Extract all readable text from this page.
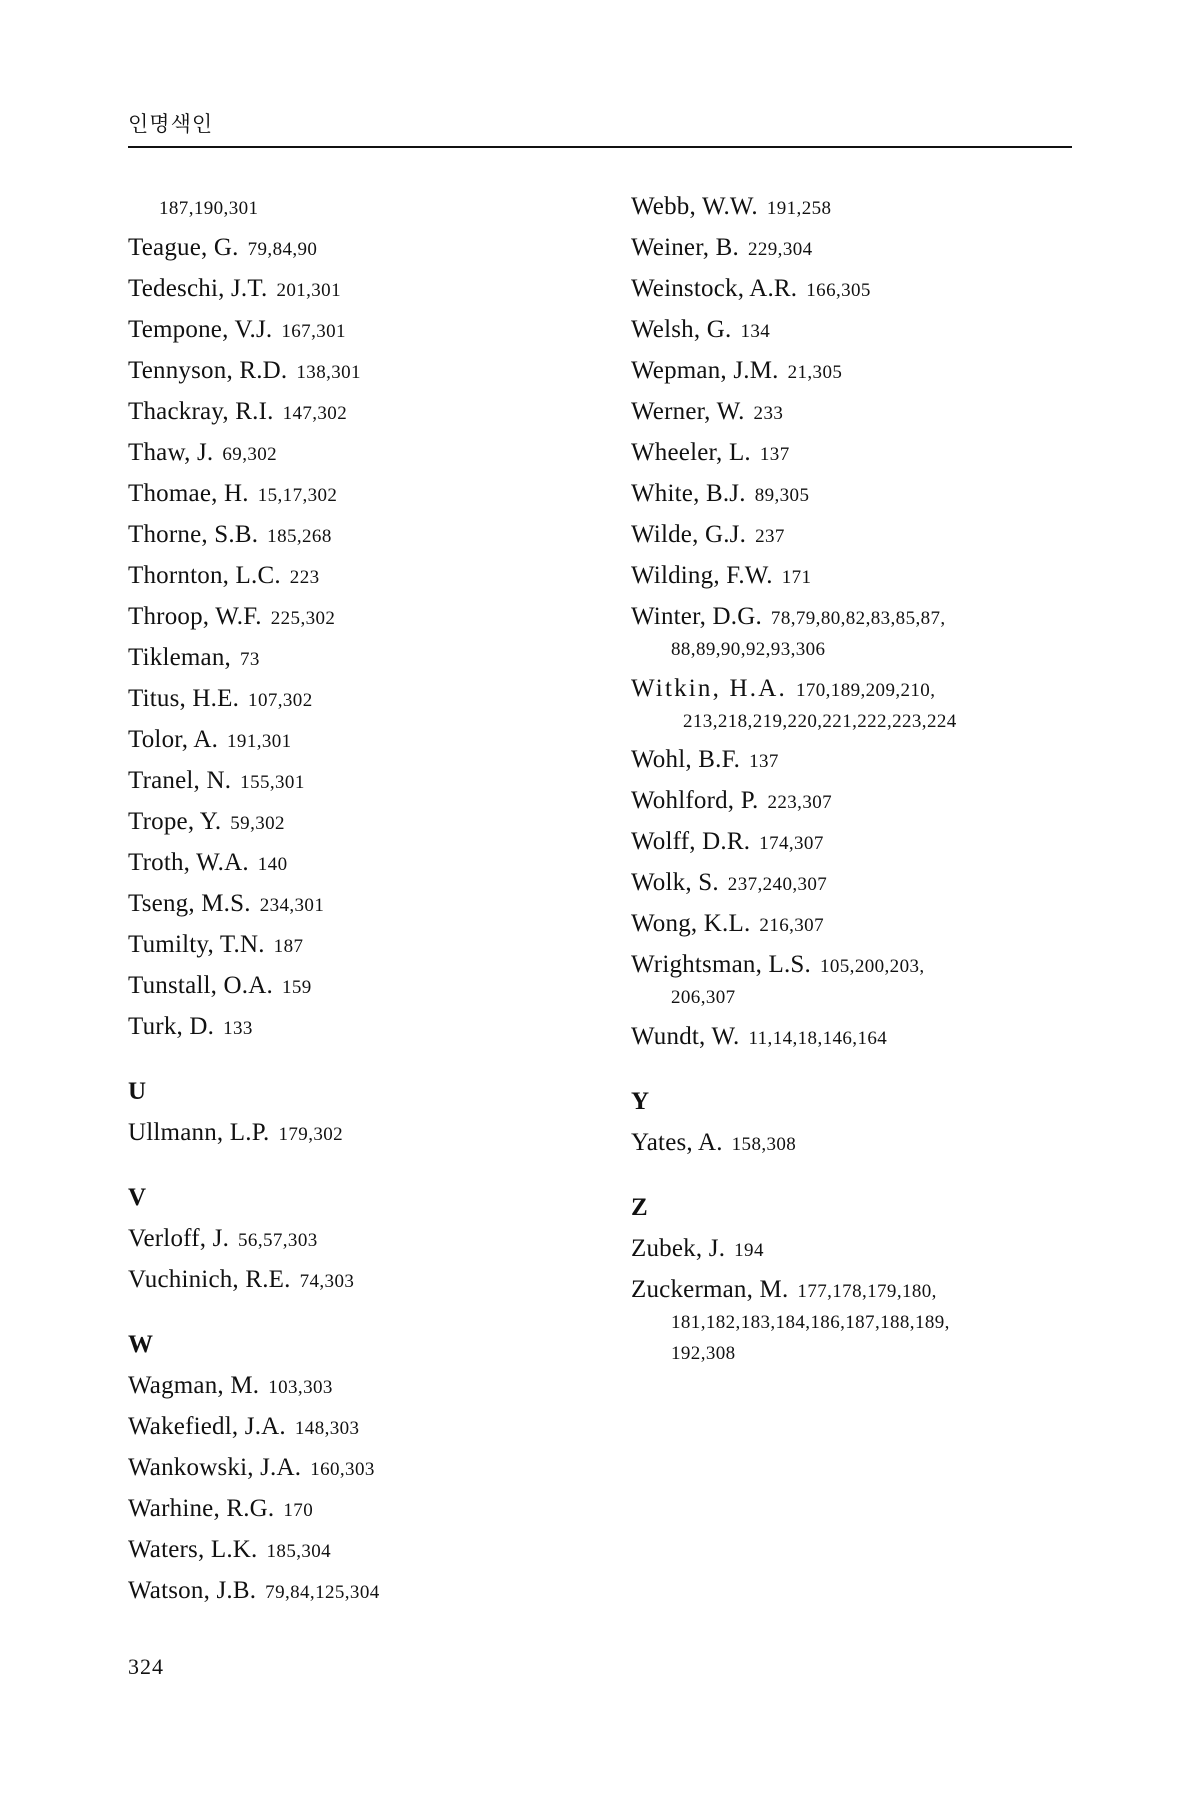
인명색인
187,190,301
Teague, G. 79,84,90
Tedeschi, J.T. 201,301
Tempone, V.J. 167,301
Tennyson, R.D. 138,301
Thackray, R.I. 147,302
Thaw, J. 69,302
Thomae, H. 15,17,302
Thorne, S.B. 185,268
Thornton, L.C. 223
Throop, W.F. 225,302
Tikleman, 73
Titus, H.E. 107,302
Tolor, A. 191,301
Tranel, N. 155,301
Trope, Y. 59,302
Troth, W.A. 140
Tseng, M.S. 234,301
Tumilty, T.N. 187
Tunstall, O.A. 159
Turk, D. 133
U
Ullmann, L.P. 179,302
V
Verloff, J. 56,57,303
Vuchinich, R.E. 74,303
W
Wagman, M. 103,303
Wakefiedl, J.A. 148,303
Wankowski, J.A. 160,303
Warhine, R.G. 170
Waters, L.K. 185,304
Watson, J.B. 79,84,125,304
Webb, W.W. 191,258
Weiner, B. 229,304
Weinstock, A.R. 166,305
Welsh, G. 134
Wepman, J.M. 21,305
Werner, W. 233
Wheeler, L. 137
White, B.J. 89,305
Wilde, G.J. 237
Wilding, F.W. 171
Winter, D.G. 78,79,80,82,83,85,87,
88,89,90,92,93,306
Witkin, H.A. 170,189,209,210,
213,218,219,220,221,222,223,224
Wohl, B.F. 137
Wohlford, P. 223,307
Wolff, D.R. 174,307
Wolk, S. 237,240,307
Wong, K.L. 216,307
Wrightsman, L.S. 105,200,203,
206,307
Wundt, W. 11,14,18,146,164
Y
Yates, A. 158,308
Z
Zubek, J. 194
Zuckerman, M. 177,178,179,180,
181,182,183,184,186,187,188,189,
192,308
324
